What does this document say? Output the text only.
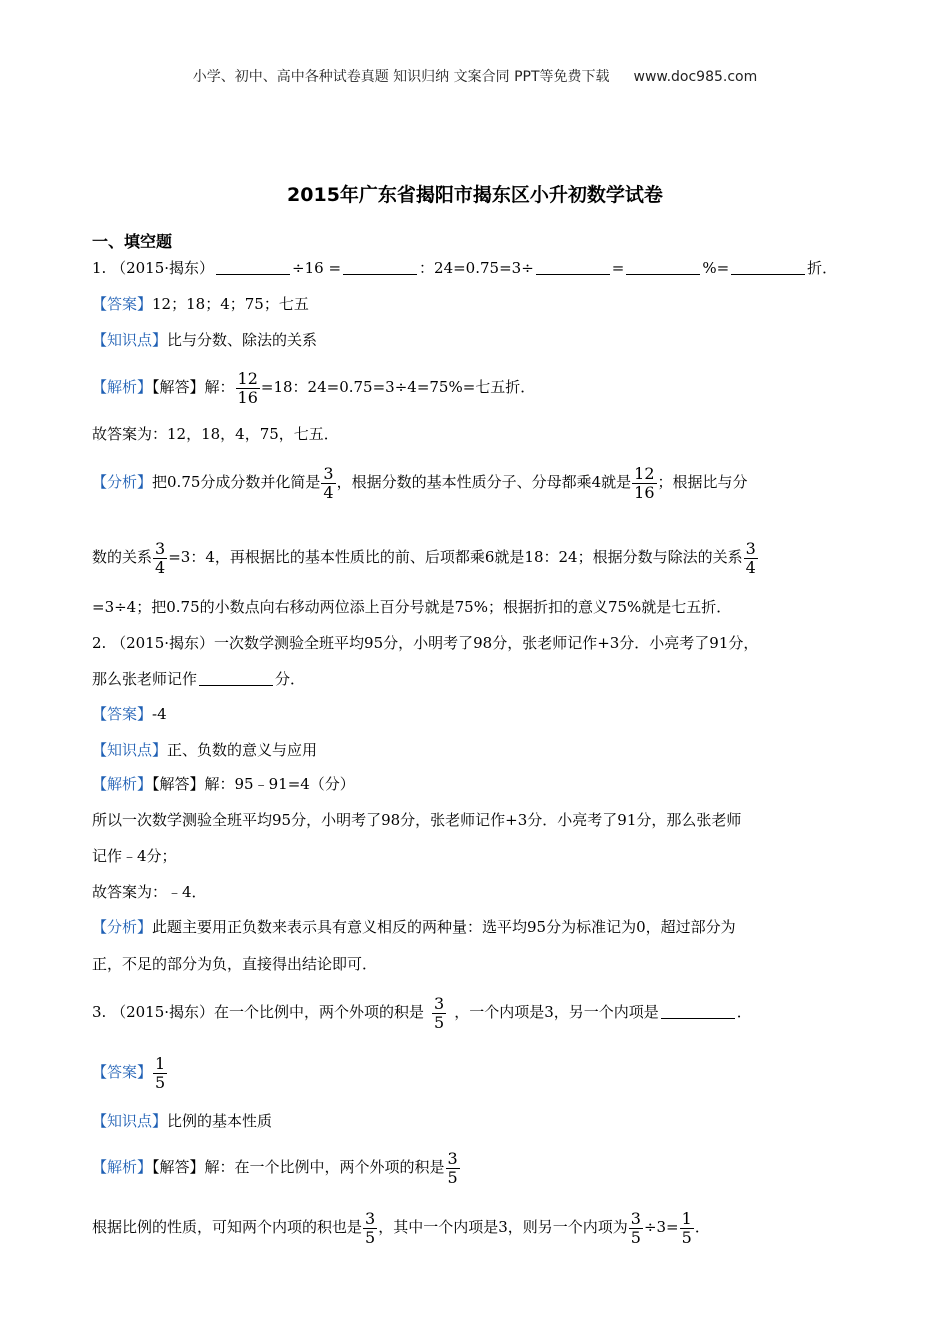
小学、初中、高中各种试卷真题 知识归纳 文案合同 PPT等免费下载 www.doc985.com
2015年广东省揭阳市揭东区小升初数学试卷
一、填空题
1. （2015·揭东）	÷16 =	：24=0.75=3÷	=	%=	折．
【答案】12；18；4；75；七五
【知识点】比与分数、除法的关系
【解析】【解答】解： $\frac{12}{16} =18$：24=0.75=3÷4=75%=七五折．
故答案为：12，18，4，75，七五．
【分析】把0.75分成分数并化简是 $\frac{3}{4}$ ，根据分数的基本性质分子、分母都乘4就是 $\frac{12}{16}$ ；根据比与分
数的关系 $\frac{3}{4} =3$：4，再根据比的基本性质比的前、后项都乘6就是18：24；根据分数与除法的关系 $\frac{3}{4}$
=3÷4；把0.75的小数点向右移动两位添上百分号就是75%；根据折扣的意义75%就是七五折．
2. （2015·揭东）一次数学测验全班平均95分，小明考了98分，张老师记作+3分．小亮考了91分，
那么张老师记作	分．
【答案】-4
【知识点】正、负数的意义与应用
【解析】【解答】解：95﹣91=4（分）
所以一次数学测验全班平均95分，小明考了98分，张老师记作+3分．小亮考了91分，那么张老师
记作﹣4分；
故答案为：﹣4．
【分析】此题主要用正负数来表示具有意义相反的两种量：选平均95分为标准记为0，超过部分为
正，不足的部分为负，直接得出结论即可．
3. （2015·揭东）在一个比例中，两个外项的积是 $\frac{3}{5}$ ，一个内项是3，另一个内项是	．
【答案】 $\frac{1}{5}$
【知识点】比例的基本性质
【解析】【解答】解：在一个比例中，两个外项的积是 $\frac{3}{5}$
根据比例的性质，可知两个内项的积也是 $\frac{3}{5}$ ，其中一个内项是3，则另一个内项为 $\frac{3}{5} \div 3= \frac{1}{5}$ ．
